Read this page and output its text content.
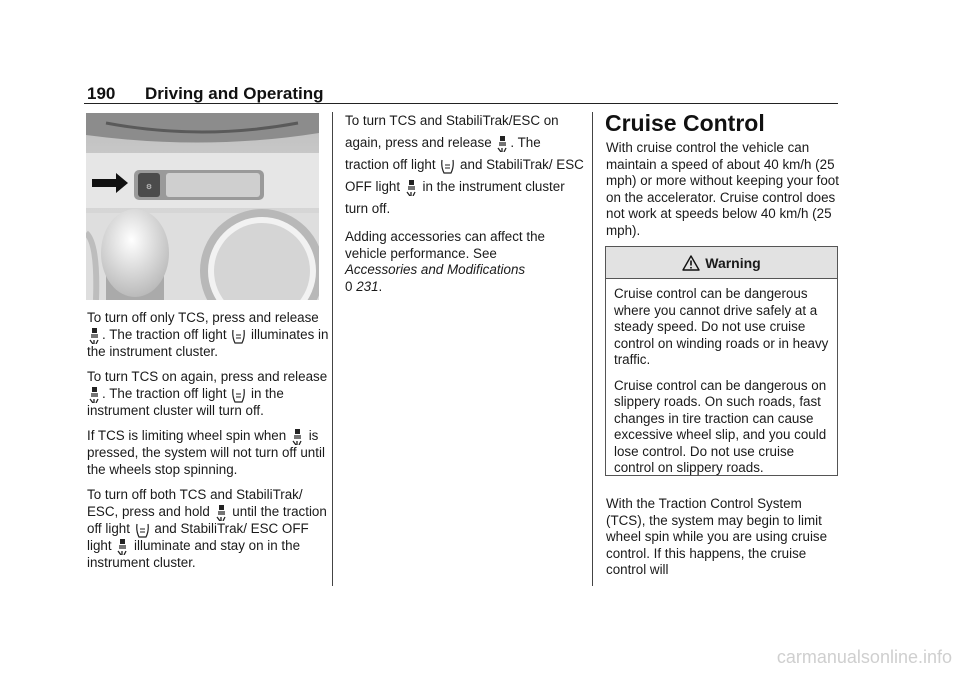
190 Driving and Operating
⚙

To turn off only TCS, press and release . The traction off light illuminates in the instrument cluster.

To turn TCS on again, press and release . The traction off light in the instrument cluster will turn off.

If TCS is limiting wheel spin when is pressed, the system will not turn off until the wheels stop spinning.

To turn off both TCS and StabiliTrak/ ESC, press and hold until the traction off light and StabiliTrak/ ESC OFF light illuminate and stay on in the instrument cluster.

To turn TCS and StabiliTrak/ESC on again, press and release . The traction off light and StabiliTrak/ ESC OFF light in the instrument cluster turn off.

Adding accessories can affect the vehicle performance. See
Accessories and Modifications
0 231.

Cruise Control

With cruise control the vehicle can maintain a speed of about 40 km/h (25 mph) or more without keeping your foot on the accelerator. Cruise control does not work at speeds below 40 km/h (25 mph).

Warning

Cruise control can be dangerous where you cannot drive safely at a steady speed. Do not use cruise control on winding roads or in heavy traffic.

Cruise control can be dangerous on slippery roads. On such roads, fast changes in tire traction can cause excessive wheel slip, and you could lose control. Do not use cruise control on slippery roads.

With the Traction Control System (TCS), the system may begin to limit wheel spin while you are using cruise control. If this happens, the cruise control will
carmanualsonline.info
